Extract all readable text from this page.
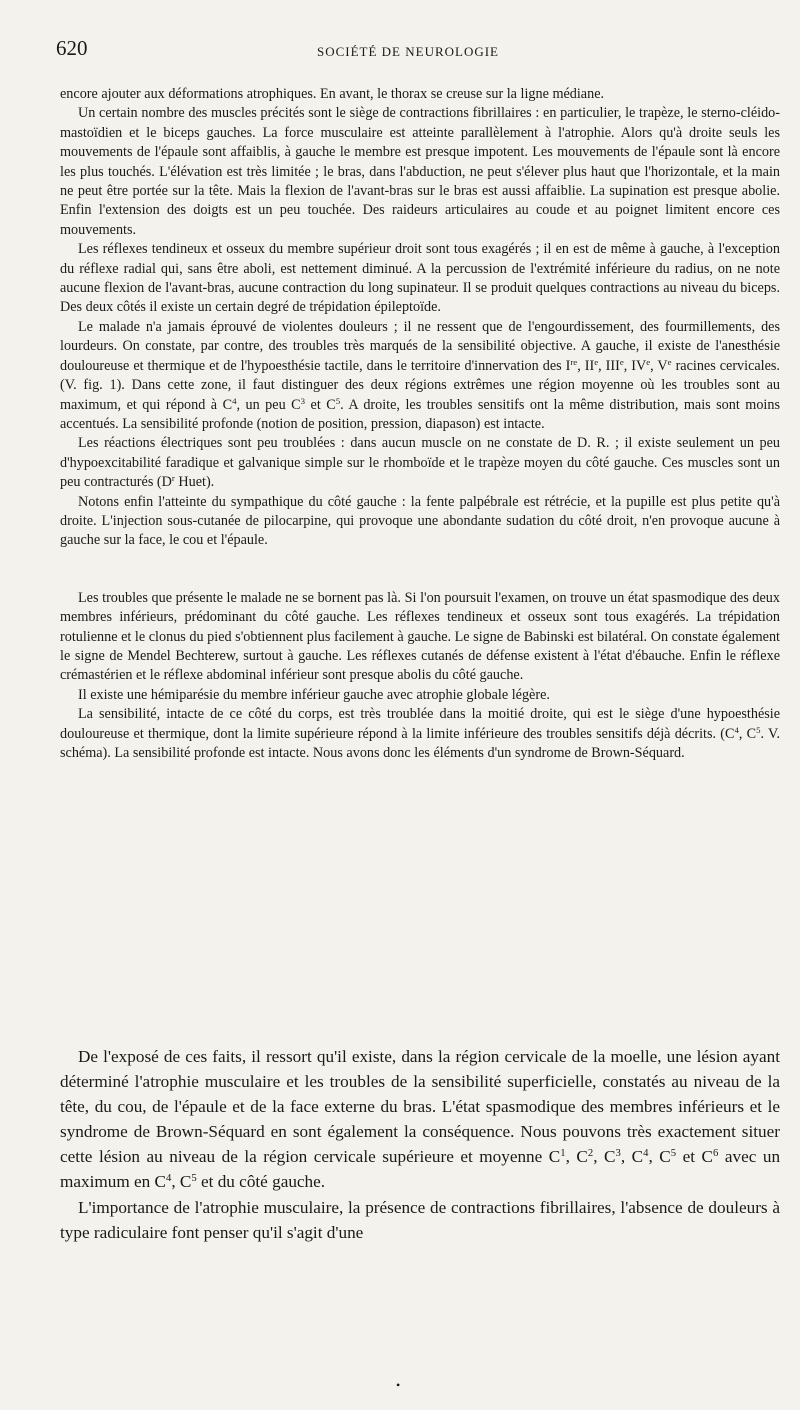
620	SOCIÉTÉ DE NEUROLOGIE

encore ajouter aux déformations atrophiques. En avant, le thorax se creuse sur la ligne médiane.

Un certain nombre des muscles précités sont le siège de contractions fibrillaires : en particulier, le trapèze, le sterno-cléido-mastoïdien et le biceps gauches. La force musculaire est atteinte parallèlement à l'atrophie. Alors qu'à droite seuls les mouvements de l'épaule sont affaiblis, à gauche le membre est presque impotent. Les mouvements de l'épaule sont là encore les plus touchés. L'élévation est très limitée ; le bras, dans l'abduction, ne peut s'élever plus haut que l'horizontale, et la main ne peut être portée sur la tête. Mais la flexion de l'avant-bras sur le bras est aussi affaiblie. La supination est presque abolie. Enfin l'extension des doigts est un peu touchée. Des raideurs articulaires au coude et au poignet limitent encore ces mouvements.

Les réflexes tendineux et osseux du membre supérieur droit sont tous exagérés ; il en est de même à gauche, à l'exception du réflexe radial qui, sans être aboli, est nettement diminué. A la percussion de l'extrémité inférieure du radius, on ne note aucune flexion de l'avant-bras, aucune contraction du long supinateur. Il se produit quelques contractions au niveau du biceps. Des deux côtés il existe un certain degré de trépidation épileptoïde.

Le malade n'a jamais éprouvé de violentes douleurs ; il ne ressent que de l'engourdissement, des fourmillements, des lourdeurs. On constate, par contre, des troubles très marqués de la sensibilité objective. A gauche, il existe de l'anesthésie douloureuse et thermique et de l'hypoesthésie tactile, dans le territoire d'innervation des Ire, IIe, IIIe, IVe, Ve racines cervicales. (V. fig. 1). Dans cette zone, il faut distinguer des deux régions extrêmes une région moyenne où les troubles sont au maximum, et qui répond à $C^4$, un peu $C^3$ et $C^5$. A droite, les troubles sensitifs ont la même distribution, mais sont moins accentués. La sensibilité profonde (notion de position, pression, diapason) est intacte.

Les réactions électriques sont peu troublées : dans aucun muscle on ne constate de D. R. ; il existe seulement un peu d'hypoexcitabilité faradique et galvanique simple sur le rhomboïde et le trapèze moyen du côté gauche. Ces muscles sont un peu contracturés ($D^r$ Huet).

Notons enfin l'atteinte du sympathique du côté gauche : la fente palpébrale est rétrécie, et la pupille est plus petite qu'à droite. L'injection sous-cutanée de pilocarpine, qui provoque une abondante sudation du côté droit, n'en provoque aucune à gauche sur la face, le cou et l'épaule.

Les troubles que présente le malade ne se bornent pas là. Si l'on poursuit l'examen, on trouve un état spasmodique des deux membres inférieurs, prédominant du côté gauche. Les réflexes tendineux et osseux sont tous exagérés. La trépidation rotulienne et le clonus du pied s'obtiennent plus facilement à gauche. Le signe de Babinski est bilatéral. On constate également le signe de Mendel Bechterew, surtout à gauche. Les réflexes cutanés de défense existent à l'état d'ébauche. Enfin le réflexe crémastérien et le réflexe abdominal inférieur sont presque abolis du côté gauche.

Il existe une hémiparésie du membre inférieur gauche avec atrophie globale légère.

La sensibilité, intacte de ce côté du corps, est très troublée dans la moitié droite, qui est le siège d'une hypoesthésie douloureuse et thermique, dont la limite supérieure répond à la limite inférieure des troubles sensitifs déjà décrits. ($C^4$, $C^5$. V. schéma). La sensibilité profonde est intacte. Nous avons donc les éléments d'un syndrome de Brown-Séquard.

De l'exposé de ces faits, il ressort qu'il existe, dans la région cervicale de la moelle, une lésion ayant déterminé l'atrophie musculaire et les troubles de la sensibilité superficielle, constatés au niveau de la tête, du cou, de l'épaule et de la face externe du bras. L'état spasmodique des membres inférieurs et le syndrome de Brown-Séquard en sont également la conséquence. Nous pouvons très exactement situer cette lésion au niveau de la région cervicale supérieure et moyenne $C^1$, $C^2$, $C^3$, $C^4$, $C^5$ et $C^6$ avec un maximum en $C^4$, $C^5$ et du côté gauche.

L'importance de l'atrophie musculaire, la présence de contractions fibrillaires, l'absence de douleurs à type radiculaire font penser qu'il s'agit d'une

•
